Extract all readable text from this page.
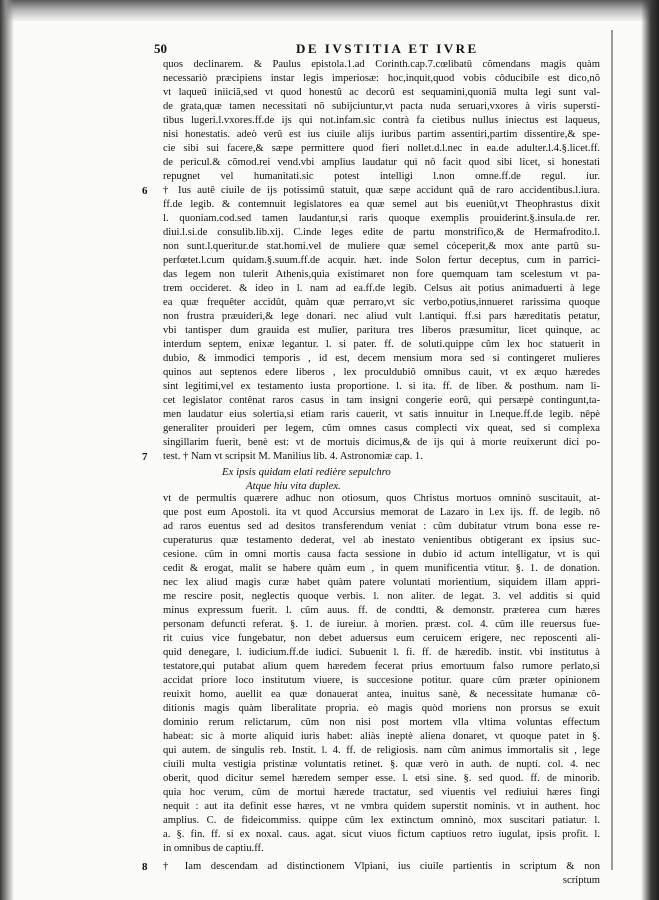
50	DE IVSTITIA ET IVRE
quos declinarem. & Paulus epistola.1.ad Corinth.cap.7.cœlibatû cõmendans magis quàm
necessariò præcipiens instar legis imperiosæ: hoc,inquit,quod vobis côducibile est dico,nõ
vt laqueû iniiciã,sed vt quod honestû ac decorû est sequamini,quoniã multa legi sunt val-
de grata,quæ tamen necessitati nõ subijciuntur,vt pacta nuda seruari,vxores à viris superstí-
tibus lugeri.l.vxores.ff.de ijs qui not.infam.sic contrà fa cietibus nullus iniectus est laqueus,
nisi honestatis. adeò verû est ius ciuile alijs iuribus partim assentiri,partim dissentire,& spe-
cie sibi sui facere,& sæpe permittere quod fieri nollet.d.l.nec in ea.de adulter.l.4.§.licet.ff.
de pericul.& cõmod.rei vend.vbi amplius laudatur qui nô facit quod sibi licet, si honestati
repugnet vel humanitati.sic potest intelligi l.non omne.ff.de regul. iur.
† Ius autê ciuile de ijs potissimû statuit, quæ sæpe accidunt quã de raro accidentibus.l.iura.
ff.de legib. & contemnuit legislatores ea quæ semel aut bis eueniût,vt Theophrastus dixit
l. quoniam.cod.sed tamen laudantur,si raris quoque exemplis prouiderint.§.insula.de rer.
diui.l.si.de consulib.lib.xij. C.inde leges edite de partu monstrifico,& de Hermafrodito.l.
non sunt.l.queritur.de stat.homi.vel de muliere quæ semel cóceperit,& mox ante partû su-
perfœtet.l.cum quidam.§.suum.ff.de acquir. hæt. inde Solon fertur deceptus, cum in parrici-
das legem non tulerit Athenis,quia existimaret non fore quemquam tam scelestum vt pa-
trem occideret. & ideo in l. nam ad ea.ff.de legib. Celsus ait potius animaduerti à lege
ea quæ frequêter accidût, quàm quæ perraro,vt sic verbo,potius,innueret rarissima quoque
non frustra præuideri,& lege donari. nec aliud vult l.antiqui. ff.si pars hæreditatis petatur,
vbi tantisper dum grauida est mulier, paritura tres liberos præsumitur, licet quinque, ac
interdum septem, enixæ legantur. l. si pater. ff. de soluti.quippe cûm lex hoc statuerit in
dubio, & immodici temporis , id est, decem mensium mora sed si contingeret mulieres
quinos aut septenos edere liberos , lex proculdubiô omnibus cauit, vt ex æquo hæredes
sint legitimi,vel ex testamento iusta proportione. l. si ita. ff. de liber. & posthum. nam li-
cet legislator contênat raros casus in tam insigni congerie eorû, qui persæpè contingunt,ta-
men laudatur eius solertia,si etiam raris cauerit, vt satis innuitur in l.neque.ff.de legib. nêpè
generaliter prouideri per legem, cûm omnes casus complecti vix queat, sed si complexa
singillarim fuerit, benè est: vt de mortuis dicimus,& de ijs qui à morte reuixerunt dici po-
test. † Nam vt scripsit M. Manilius lib. 4. Astronomiæ cap. 1.
6
7
Ex ipsis quidam elati redière sepulchro
Atque hiu vita duplex.
vt de permultis quærere adhuc non otiosum, quos Christus mortuos omninò suscitauit, at-
que post eum Apostoli. ita vt quod Accursius memorat de Lazaro in l.ex ijs. ff. de legib. nô
ad raros euentus sed ad desitos transferendum veniat : cûm dubitatur vtrum bona esse re-
cuperaturus quæ testamento dederat, vel ab inestato venientibus obtigerant ex ipsius suc-
cesione. cûm in omni mortis causa facta sessione in dubio id actum intelligatur, vt is qui
cedit & erogat, malit se habere quàm eum , in quem munificentia vtitur. §. 1. de donation.
nec lex aliud magis curæ habet quàm patere voluntati morientium, siquidem illam appri-
me rescire posit, neglectis quoque verbis. l. non aliter. de legat. 3. vel additis si quid
minus expressum fuerit. l. cûm auus. ff. de condtti, & demonstr. præterea cum hæres
personam defuncti referat. §. 1. de iureiur. à morien. præst. col. 4. cûm ille reuersus fue-
rit cuius vice fungebatur, non debet aduersus eum ceruicem erigere, nec reposcenti ali-
quid denegare, l. iudicium.ff.de iudici. Subuenit l. fi. ff. de hæredib. instit. vbi institutus à
testatore,qui putabat alium quem hæredem fecerat prius emortuum falso rumore perlato,si
accidat priore loco institutum viuere, is succesione potitur. quare cûm præter opinionem
reuixit homo, auellit ea quæ donauerat antea, inuitus sanè, & necessitate humanæ cô-
ditionis magis quàm liberalitate propria. eò magis quòd moriens non prorsus se exuit
dominio rerum relictarum, cûm non nisi post mortem vlla vltima voluntas effectum
habeat: sic à morte aliquid iuris habet: aliàs ineptè aliena donaret, vt quoque patet in §.
qui autem. de singulis reb. Instit. l. 4. ff. de religiosis. nam cûm animus immortalis sit , lege
ciuili multa vestigia pristinæ voluntatis retinet. §. quæ verò in auth. de nuptí. col. 4. nec
oberit, quod dicitur semel hæredem semper esse. l. etsi sine. §. sed quod. ff. de minorib.
quia hoc verum, cûm de mortui hærede tractatur, sed viuentis vel rediuiui hæres fingi
nequit : aut ita definit esse hæres, vt ne vmbra quidem superstit nominis. vt in authent. hoc
amplius. C. de fideicommiss. quippe cûm lex extinctum omninò, mox suscitari patiatur. l.
a. §. fin. ff. si ex noxal. caus. agat. sicut viuos fictum captiuos retro iugulat, ipsis profit. l.
in omnibus de captiu.ff.
8 † Iam descendam ad distinctionem Vlpiani, ius ciuile partientis in scriptum & non
scriptum
